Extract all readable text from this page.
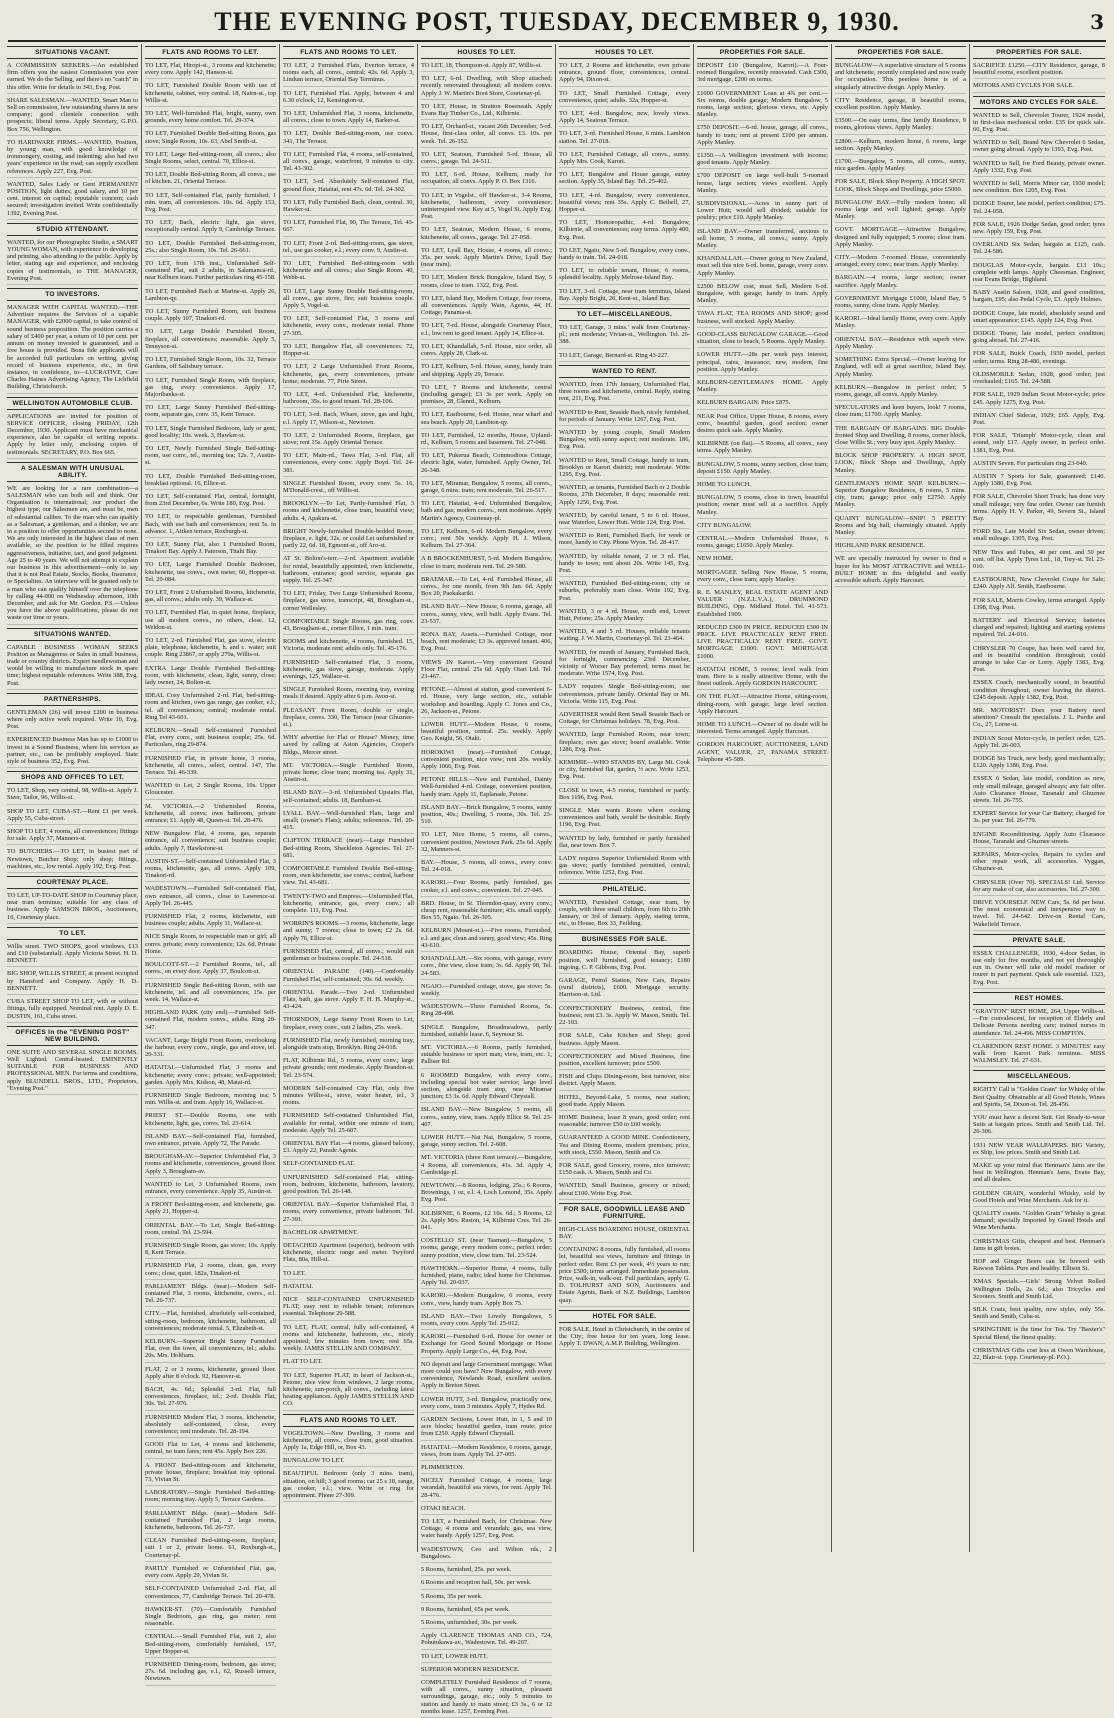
THE EVENING POST, TUESDAY, DECEMBER 9, 1930.	3
SITUATIONS VACANT.

A COMMISSION SEEKERS.—An established firm offers you the easiest Commission you ever earned. We do the Selling, and there's no "catch" in this offer. Write for details to 343, Evg. Post.

SHARE SALESMAN.—WANTED, Smart Man to Sell on commission, few outstanding shares in new company; good clientele connection with prospects; liberal terms. Apply Secretary, G.P.O. Box 756, Wellington.

TO HARDWARE FIRMS.—WANTED, Position, by young man, with good knowledge of ironmongery, costing, and indenting; also had two years' experience on the road; can supply excellent references. Apply 227, Evg. Post.

WANTED, Sales Lady or Gent PERMANENT POSITION, light duties; good salary, and 10 per cent. interest on capital; reputable concern; cash secured; investigation invited. Write confidentially 1392, Evening Post.

STUDIO ATTENDANT.

WANTED, for our Photographic Studio, a SMART YOUNG WOMAN, with experience in developing and printing, also attending to the public. Apply by letter, stating age and experience, and enclosing copies of testimonials, to THE MANAGER, Evening Post.

TO INVESTORS.

MANAGER WITH CAPITAL WANTED.—THE Advertiser requires the Services of a capable MANAGER, with £2000 capital, to take control of sound business proposition. The position carries a salary of £400 per year, a return of 10 per cent. per annum on money invested is guaranteed, and a free house is provided. Bona fide applicants will be accorded full particulars on writing, giving record of business experience, etc., in first instance, in confidence, to—LUCRATIVE, Care Charles Haines Advertising Agency, The Lichfield Building, Christchurch.

WELLINGTON AUTOMOBILE CLUB.

APPLICATIONS are invited for position of SERVICE OFFICER, closing FRIDAY, 12th December, 1930. Applicant must have mechanical experience, also be capable of writing reports. Apply by letter only, enclosing copies of testimonials. SECRETARY, P.O. Box 665.

A SALESMAN WITH UNUSUAL ABILITY.

WE are looking for a rare combination—a SALESMAN who can both sell and think. Our Organisation is international; our product the highest type; our Salesmen are, and must be, men of substantial calibre. To the man who can qualify as a Salesman, a gentleman, and a thinker, we are in a position to offer opportunities second to none. We are only interested in the highest class of men available, so the position to be filled requires aggressiveness, initiative, tact, and good judgment. Age 25 to 40 years. We will not attempt to explain our business in this advertisement—only to say that it is not Real Estate, Stocks, Books, Insurance, or Specialties. An interview will be granted only to a man who can qualify himself over the telephone by calling 44-000 on Wednesday afternoon, 10th December, and ask for Mr. Gordon. P.S.—Unless you have the above qualifications, please do not waste our time or yours.

SITUATIONS WANTED.

CAPABLE BUSINESS WOMAN SEEKS Position as Manageress or Sales in small business, trade or country districts. Expert needlewoman and would be willing to manufacture stock in spare time; highest reputable references. Write 388, Evg. Post.

PARTNERSHIPS.

GENTLEMAN (26) will invest £200 in business where only active work required. Write 10, Evg. Post.

EXPERIENCED Business Man has up to £1000 to invest in a Sound Business, where his services as partner, etc., can be profitably employed. State style of business 352, Evg. Post.

SHOPS AND OFFICES TO LET.

TO LET, Shop, very central, 98, Willis-st. Apply J. Steer, Tailor, 96, Willis-st.

SHOP TO LET, CUBA-ST.—Rent £1 per week. Apply 55, Cuba-street.

SHOP TO LET, 4 rooms, all conveniences; fittings for sale. Apply 37, Manners-st.

TO BUTCHERS.—TO LET, in busiest part of Newtown, Butcher Shop; only shop; fittings, machines, etc., low rental. Apply 192, Evg. Post.

COURTENAY PLACE.

TO LET, UP-TO-DATE SHOP in Courtenay place, near tram terminus; suitable for any class of business. Apply SAMSON BROS., Auctioneers, 10, Courtenay place.

TO LET.

Willis street. TWO SHOPS, good windows, £13 and £10 (substantial). Apply Victoria Street. H. D. BENNETT.

BIG SHOP, WILLIS STREET, at present occupied by Hansford and Company. Apply H. D. BENNETT.

CUBA STREET SHOP TO LET, with or without fittings, fully equipped. Nominal rent. Apply D. E. DUSTIN, 161, Cuba street.

OFFICES In the "EVENING POST" NEW BUILDING.

ONE SUITE AND SEVERAL SINGLE ROOMS. Well Lighted. Central-heated. EMINENTLY SUITABLE FOR BUSINESS AND PROFESSIONAL MEN. For terms and conditions, apply BLUNDELL BROS., LTD., Proprietors, "Evening Post."

FLATS AND ROOMS TO LET.

TO LET, Flat, Hiropi-st., 3 rooms and kitchenette; every conv. Apply 142, Hanson-st.

TO LET, Furnished Double Room with use of kitchenette, cabinet, very central. 18, Nairn-st., top Willis-st.

TO LET, Well-furnished Flat, bright, sunny, own grounds, every home comfort. Tel. 29-374.

TO LET, Furnished Double Bed-sitting Room, gas stove; Single Room, 10s. 63, Abel Smith-st.

TO LET, Large Bed-sitting-room, all convs.; also Single Rooms, select, central. 70, Ellice-st.

TO LET, Double Bed-sitting Room, all convs.; use of kitchen. 21, Oriental Terrace.

TO LET, Self-contained Flat, partly furnished, 1 min. tram, all conveniences. 10s. 6d. Apply 153, Evg. Post.

TO LET, Bach, electric light, gas stove, exceptionally central. Apply 9, Cambridge Terrace.

TO LET, Double Furnished Bed-sitting-room, 25s.; also Single Room, 10s. Tel. 26-661.

TO LET, from 17th inst., Unfurnished Self-contained Flat, suit 2 adults, in Salamanca-rd., near Kelburn tram. Further particulars ring 45-158.

TO LET, Furnished Bach at Marine-st. Apply 26, Lambton-qy.

TO LET, Sunny Furnished Room, suit business couple. Apply 107, Tinakori-rd.

TO LET, Large Double Furnished Room, fireplace, all conveniences; reasonable. Apply 5, Tennyson-st.

TO LET, Furnished Single Room, 10s. 32, Terrace Gardens, off Salisbury terrace.

TO LET, Furnished Single Room, with fireplace, gas ring, every convenience. Apply 17, Majoribanks-st.

TO LET, Large Sunny Furnished Bed-sitting-room, separate gas, conv. 35, Kent Terrace.

TO LET, Single Furnished Bedroom, lady or gent, good locality; 10s. week. 3, Hawker-st.

TO LET, Newly Furnished Single Bed-sitting-room, use conv., tel., morning tea; 12s. 7, Austin-st.

TO LET, Double Furnished Bed-sitting-room, breakfast optional. 16, Ellice-st.

TO LET, Self-contained Flat, central, fortnight, from 23rd December, 6s. Write 180, Evg. Post.

TO LET, to respectable gentleman, Furnished Bach, with use bath and conveniences; rent 5s. in advance. 1, Aitken terrace, Roxburgh-st.

TO LET, Sunny Flat, also 1 Furnished Room, Tinakori Bay. Apply J. Paterson, Titahi Bay.

TO LET, Large Furnished Double Bedroom, kitchenette, use convs., own meter, 60, Hopper-st. Tel. 20-084.

TO LET, Front 2 Unfurnished Rooms, kitchenette, gas, all convs.; adults only. 39, Wallace-st.

TO LET, Furnished Flat, in quiet home, fireplace, use all modern convs., no others, close. 12, Weldon-st.

TO LET, 2-rd. Furnished Flat, gas stove, electric plate, telephone, kitchenette, h. and c. water; suit couple. Ring 23867, or apply 279a, Willis-st.

EXTRA Large Double Furnished Bed-sitting-room, with kitchenette, clean, light, sunny, close; lady owner, 24, Bolton-st.

IDEAL Cosy Unfurnished 2-rd. Flat, bed-sitting-room and kitchen, own gas range, gas cooker, e.l., tel. all conveniences; central; moderate rental. Ring Tel 43-601.

KELBURN.—Small Self-contained Furnished Flat, every conv., suit business couple; 25s. 6d. Particulars, ring 29-874.

FURNISHED Flat, in private home, 3 rooms, kitchenette, all convs., select, central. 147, The Terrace. Tel. 46-339.

WANTED to Let, 2 Single Rooms, 10s. Upper Gloucester.

M. VICTORIA.—2 Unfurnished Rooms, kitchenette, all convs; own bathroom, private entrance; £1. Apply 48, Queen-st. Tel. 28-476.

NEW Bungalow Flat, 4 rooms, gas, separate entrance, all convenience; suit business couple; adults. Apply 7, Hawkstone-st.

AUSTIN-ST.—Self-contained Unfurnished Flat, 3 rooms, kitchenette, gas, all convs. Apply 109, Tinakori-rd.

WADESTOWN.—Furnished Self-contained Flat, own entrance, all convs., close to Lawrence-st. Apply Tel. 26-445.

FURNISHED Flat, 2 rooms, kitchenette, suit business couple; adults. Apply 11, Wallace-st.

NICE Single Room, to respectable man or girl; all convs. private; every convenience; 12s. 6d. Private Home.

BOULCOTT-ST.—2 Furnished Rooms, tel., all convs., on every door. Apply 37, Boulcott-st.

FURNISHED Single Bed-sitting Room, with use kitchenette, tel. and all conveniences; 15s. per week. 14, Wallace-st.

HIGHLAND PARK (city end).—Furnished Self-contained Flat, modern convs., adults. Ring 20-347.

VACANT, Large Bright Front Room, overlooking the harbour, every conv., single, gas and stove, tel. 20-331.

HATAITAI.—Unfurnished Flat, 3 rooms and kitchenette; every conv.; private; well-appointed; garden. Apply Mrs. Kidson, 48, Matai-rd.

FURNISHED Single Bedroom, morning tea; 5 min. Willis-st. and tram. Apply 16, Wallace-st.

PRIEST ST.—Double Rooms, one with kitchenette, light, gas, convs. Tel. 23-614.

ISLAND BAY.—Self-contained Flat, furnished, own entrance, private. Apply 72, The Parade.

BROUGHAM-AV.—Superior Unfurnished Flat, 3 rooms and kitchenette, conveniences, ground floor. Apply 3, Brougham-av.

WANTED to Let, 3 Unfurnished Rooms, own entrance, every convenience. Apply 35, Austin-st.

A FRONT Bed-sitting-room, and kitchenette, gas. Apply 21, Hopper-st.

ORIENTAL BAY.—To Let, Single Bed-sitting-room, central. Tel. 23-594.

FURNISHED Single Room, gas stove; 10s. Apply 8, Kent Terrace.

FURNISHED Flat, 2 rooms, clean, gas, every conv.; close, quiet. 182a, Tinakori-rd.

PARLIAMENT Bldgs. (near).—Modern Self-contained Flat, 3 rooms, kitchenette, convs., e.l. Tel. 26-737.

CITY.—Flat, furnished, absolutely self-contained, sitting-room, bedroom, kitchenette, bathroom, all conveniences; moderate rental. 5, Elizabeth-st.

KELBURN.—Superior Bright Sunny Furnished Flat, over the town, all conveniences, tel.; adults. 20s. Mrs. Holtham.

FLAT, 2 or 3 rooms, kitchenette, ground floor. Apply after 8 o'clock. 92, Hanover-st.

BACH, 4s. 6d.; Splendid 3-rd. Flat, full conveniences, fireplace, tel.; 2-rd. Double Flat, 30s. Tel. 27-976.

FURNISHED Modern Flat, 3 rooms, kitchenette, absolutely self-contained, close, every convenience; rent moderate. Tel. 28-194.

GOOD Flat to Let, 4 rooms and kitchenette, central, no tram fares; rent 45s. Apply Box 226.

A FRONT Bed-sitting-room and kitchenette, private house, fireplace; breakfast tray optional. 73, Vivian St.

LABORATORY.—Single Furnished Bed-sitting-room; morning tray. Apply 5, Terrace Gardens.

PARLIAMENT Bldgs. (near).—Modern Self-contained Furnished Flat, 2 large rooms, kitchenette, bathroom. Tel. 26-737.

CLEAN Furnished Bed-sitting-room, fireplace, suit 1 or 2, private home. 61, Roxburgh-st., Courtenay-pl.

PARTLY Furnished or Unfurnished Flat, gas, every conv. Apply 29, Vivian St.

SELF-CONTAINED Unfurnished 2-rd. Flat, all conveniences, 77, Cambridge Terrace. Tel. 20-478.

HAWKER-ST. (70).—Comfortably Furnished Single Bedroom, gas ring, gas meter; rent reasonable.

CENTRAL.—Small Furnished Flat, suit 2, also Bed-sitting-room, comfortably furnished, 157, Upper Hopper-st.

FURNISHED Dining-room, bedroom, gas stove; 27s. 6d. including gas, e.l., 62, Russell terrace, Newtown.

FLATS AND ROOMS TO LET.

TO LET, 2 Furnished Flats, Everton terrace, 4 rooms each, all convs., central; 42s. 6d. Apply 3, Lindum terrace, Oriental Bay Terminus.

TO LET, Furnished Flat. Apply, between 4 and 6.30 o'clock, 12, Kensington-st.

TO LET, Unfurnished Flat, 3 rooms, kitchenette, all convs.; close to town. Apply 14, Barker-st.

TO LET, Double Bed-sitting-room, use convs. 341, The Terrace.

TO LET, Furnished Flat, 4 rooms, self-contained, all convs., garage, waterfront, 9 minutes to city. Tel. 43-302.

TO LET, 3-rd. Absolutely Self-contained Flat, ground floor, Hataitai, rent 47s. 6d. Tel. 24-302.

TO LET, Fully Furnished Bach, clean, central. 30, Hawker-st.

TO LET, Furnished Flat, 90, The Terrace, Tel. 43-667.

TO LET, Front 2-rd. Bed-sitting-room, gas stove, tel., use gas cooker, e.l.; every conv. 9, Austin-st.

TO LET, Furnished Bed-sitting-room with kitchenette and all convs.; also Single Room. 40, Webb-st.

TO LET, Large Sunny Double Bed-sitting-room, all convs., gas stove, fire; suit business couple. Apply 5, Vogel-st.

TO LET, Self-contained Flat, 3 rooms and kitchenette, every conv., moderate rental. Phone 27-305.

TO LET, Bungalow Flat, all conveniences. 72, Hopper-st.

TO LET, 2 Large Unfurnished Front Rooms, kitchenette, gas, every conveniences, private home; moderate. 77, Pirie Street.

TO LET, 4-rd. Unfurnished Flat, kitchenette, bathroom, 35s. to good tenant. Tel. 28-106.

TO LET, 3-rd. Bach, Whare, stove, gas and light, e.l. Apply 17, Wilson-st., Newtown.

TO LET, 2 Unfurnished Rooms, fireplace, gas stove; rent 15s. Apply Oriental Terrace.

TO LET, Main-rd., Tawa Flat, 3-rd. Flat, all conveniences, every conv. Apply Boyd. Tel. 24-381.

SINGLE Furnished Room, every conv. 5s. 16, M'Donald-crest., off Willis-st.

BROOKLYN.—To Let, Partly-furnished Flat, 3 rooms and kitchenette, close tram, beautiful view; adults. 4, Apakura-st.

BRIGHT Newly-furnished Double-bedded Room, fireplace, e. light, 32s. or could Let unfurnished or partly 22, 6d. 18, Egmont-st., off Aro-st.

AT St. Bolton's-terr.—2-rd. Apartment available for rental, beautifully appointed, own kitchenette, bathroom, entrance; good service, separate gas supply. Tel. 25-347.

TO LET, Friday, Two Large Unfurnished Rooms, fireplace, gas stove, transcript, 48, Brougham-st., corner Wellesley.

COMFORTABLE Single Rooms, gas ring, conv. 43, Brougham-st., corner Ellice, 1 min. tram.

ROOMS and kitchenette, 4 rooms, furnished. 15, Victoria, moderate rent; adults only. Tel. 45-176.

FURNISHED Self-contained Flat, 3 rooms, kitchenette, gas stove, garage, moderate. Apply evenings, 125, Wallace-st.

SINGLE Furnished Room, morning tray, evening meals if desired. Apply after 6 p.m. Avon-st.

PLEASANT Front Room, double or single, fireplace, convs. 330, The Terrace (near Ghuznee-st.).

WHY advertise for Flat or House? Money, time saved by calling at Aston Agencies, Cooper's Bldgs., Mercer street.

MT. VICTORIA.—Single Furnished Room, private home; close tram; morning tea. Apply 31, Austin-st.

ISLAND BAY.—3-rd. Unfurnished Upstairs Flat, self-contained; adults. 18, Barnham-st.

LYALL BAY.—Well-furnished Flats, large and small; (owner's Flats); adults; references. Tel. 20-415.

CLIFTON TERRACE (near).—Large Furnished Bed-sitting Room, Shackleton Agencies. Tel. 27-681.

COMFORTABLE Furnished Double Bed-sitting-room, own kitchenette, use convs.; central, harbour view. Tel. 43-681.

TWENTY-TWO and Empress.—Unfurnished Flat, kitchenette, entrance, gas, every conv.; all complete. 111, Evg. Post.

WORRIN'S ROOMS.—3 rooms, kitchenette, large and sunny; 7 rooms; close to town; £2 2s. 6d. Apply 76, Ellice-st.

FURNISHED Flat, central, all convs.; would suit gentleman or business couple. Tel. 24-518.

ORIENTAL PARADE (140).—Comfortably Furnished Flat, self-contained; 30s. 6d. weekly.

ORIENTAL Parade.—Two 2-rd. Unfurnished Flats, bath, gas stove. Apply F. H. H. Murphy-st., 43-424.

THORNDON, Large Sunny Front Room to Let, fireplace, every conv., suit 2 ladies, 25s. week.

FURNISHED Flat, newly furnished, morning tray, alongside tram stop, Brooklyn. Ring 24-018.

FLAT, Kilbirnie Rd., 5 rooms, every conv.; large private grounds; rent moderate. Apply Brandon-st. Tel. 23-574.

MODERN Self-contained City Flat, only five minutes Willis-st., stove, water heater, tel., 3 rooms.

FURNISHED Self-contained Unfurnished Flat, available for rental, within one minute of tram; moderate. Apply Tel. 25-607.

ORIENTAL BAY Flat.—4 rooms, glassed balcony, £3. Apply 22, Parade Agents.

SELF-CONTAINED FLAT.

UNFURNISHED Self-contained Flat, sitting-room, bedroom, kitchenette, bathroom, lavatory, good position. Tel. 26-148.

ORIENTAL BAY.—Superior Unfurnished Flat, 3 rooms, every convenience, private bathroom. Tel. 27-391.

BACHELOR APARTMENT.

DETACHED Apartment (superior), bedroom with kitchenette, electric range and meter. Twyford Flats, 80a, Hill-st.

TO LET.

HATAITAI.

NICE SELF-CONTAINED UNFURNISHED FLAT; easy rent to reliable tenant; references essential. Telephone 29-588.

TO LET, FLAT, central, fully self-contained, 4 rooms and kitchenette, bathroom, etc., nicely appointed; few minutes from town; rent 65s. weekly. JAMES STELLIN AND COMPANY.

FLAT TO LET.

TO LET, Superior FLAT, in heart of Jackson-st., Petone; nice view from windows, 2 large rooms, kitchenette, sun-porch, all convs., including latest heating appliances. Apply JAMES STELLIN AND CO.

FLATS AND ROOMS TO LET.

VOGELTOWN.—New Dwelling, 3 rooms and kitchenette, all convs., close tram, good situation. Apply 1a, Edge Hill, or, Box 43.

BUNGALOW TO LET.

BEAUTIFUL Bedroom (only 3 mins. tram), situation, on hill; 3 good rooms; car 25 s 18, range, gas cooker, e.l.; view. Write or ring for appointment. Phone 27-309.

HOUSES TO LET.

TO LET, 18, Thompson-st. Apply 87, Willis-st.

TO LET, 6-rd. Dwelling, with Shop attached; recently renovated throughout; all modern convs. Apply J. W. Martin's Boot Store, Courtenay-pl.

TO LET, House, in Stratton Roseneath. Apply Evans Bay Timber Co., Ltd., Kilbirnie.

TO LET, Orchard-st., vacant 26th December, 5-rd. House, first-class order, all convs. £3. 10s. per week. Tel. 26-352.

TO LET, Seatoun, Furnished 5-rd. House, all convs.; garage. Tel. 24-511.

TO LET, 6-rd. House, Kelburn, ready for occupation; all convs. Apply P. O. Box 1316.

TO LET, in Vogelst., off Hawker-st., 3-4 Rooms, kitchenette, bathroom, every convenience; uninterrupted view. Key at 5, Vogel St. Apply Evg. Post.

TO LET, Seatoun, Modern House, 6 rooms, kitchenette, all convs., garage. Tel. 27-058.

TO LET, Lyall Bay, House, 4 rooms, all convs.; 35s. per week. Apply Martin's Drive, Lyall Bay (near tram).

TO LET, Modern Brick Bungalow, Island Bay, 5 rooms, close to tram. 1322, Evg. Post.

TO LET, Island Bay, Modern Cottage, four rooms, all conveniences. Apply Wain, Agents, 44, H. Cottage, Panama-st.

TO LET, 7-rd. House, alongside Courtenay Place, e.l., low rent to good tenant. Apply 14, Ellice-st.

TO LET, Khandallah, 5-rd. House, nice order, all convs. Apply 28, Clark-st.

TO LET, Kelburn, 5-rd. House, sunny, handy tram and shipping. Apply 29, Terrace.

TO LET, 7 Rooms and kitchenette, central (including garage); £3 3s per week. Apply on premises, 28, Glenrd., Kelburn.

TO LET, Eastbourne, 6-rd. House, near wharf and sea beach. Apply 20, Lambton-qy.

TO LET, Furnished, 12 months, House, Upland-rd., Kelburn, 5 rooms and basement. Tel. 27-048.

TO LET, Pukerua Beach, Commodious Cottage, electric light, water, furnished. Apply Owner, Tel. 26-348.

TO LET, Miramar, Bungalow, 5 rooms, all convs., garage, 6 mins. tram; rent moderate. Tel. 26-517.

TO LET, Hataitai, 4-rd. Unfurnished Bungalow, bath and gas; modern convs., rent moderate. Apply Martin's Agency, Courtenay-pl.

TO LET, Kelburn, 6-rd. Modern Bungalow, every conv.; rent 50s weekly. Apply H. J. Wilson, Kelburn. Tel. 27-364.

A B BROCKENHURST, 5-rd. Modern Bungalow, close to tram; moderate rent. Tel. 29-580.

BRAEMAR.—To Let, 4-rd. Furnished House, all convs., for one month, from 9th Jan. 6d. Apply Box 20, Paekakariki.

ISLAND BAY.—New House, 6 rooms, garage, all convs., sunny, view, well built. Apply Evans. Tel. 23-537.

RONA BAY, Assets.—Furnished Cottage, near beach, rent moderate; £3 3s. approved tenant. 406, Evg. Post.

VIEWS IN Karori.—Very convenient Ground Floor Flat, central. 25s 6d. Apply Otari Ltd. Tel. 23-467.

PETONE.—Almost at station, good convenient 6-rd. House, very large section, etc., suitable workshop and boarding. Apply C. Jones and Co., 26, Jackson-st., Petone.

LOWER HUTT.—Modern House, 6 rooms, beautiful position, central. 25s. weekly. Apply Geo. Knight, 56, Otaki.

HOROKIWI (near).—Furnished Cottage, convenient position, nice view; rent 20s. weekly. Apply 1066, Evg. Post.

PETONE HILLS.—New and Furnished, Dainty Well-furnished 4-rd. Cottage, convenient position, handy tram. Apply 11, Esplanade, Petone.

ISLAND BAY.—Brick Bungalow, 5 rooms, sunny position, 40s.; Dwelling, 5 rooms, 30s. Tel. 23-510.

TO LET, Nice Home, 5 rooms, all convs., convenient position, Newtown Park. 25s 6d. Apply 32, Manners-st.

BAY.—House, 5 rooms, all convs., every conv. Tel. 24-018.

KARORI.—Four Rooms, partly furnished, gas cooker, e.l. and convs.; convenient. Tel. 27-045.

BRD. House, in St. Thorndon-quay, every conv.; cheap rent, reasonable furniture; 43s. small supply. Box 55, Ngaio. Tel. 26-305.

KELBURN (Mount-st.).—Five rooms, Furnished, e.l. and gas; clean and sunny, good view; 45s. Ring 43-610.

KHANDALLAH.—Six rooms, with garage, every conv., fine view, close tram; 3s. 6d. Apply 98, Tel. 24-583.

NGAIO.—Furnished cottage, stove, gas stove; 5s. weekly.

WADESTOWN.—Three Furnished Rooms, 5s. Ring 28-498.

SINGLE Bungalow, Broadmeadows, partly furnished, suitable lease. 6, Seymour St.

MT. VICTORIA.—6 Rooms, partly furnished, suitable business or sport man; view, tram, etc. 1, Palliser Rd.

6 ROOMED Bungalow, with every conv., including special hot water service; large level section, alongside tram stop, near Miramar junction; £3 3s. 6d. Apply Edward Chrystall.

ISLAND BAY.—New Bungalow, 5 rooms, all convs., sunny, view, tram. Apply Ellice St. Tel. 23-407.

LOWER HUTT.—Nai Nai, Bungalow, 5 rooms, garage, sunny section. Tel. 2-608.

MT. VICTORIA (three Kent terrace).—Bungalow, 4 Rooms, all conveniences, 41s. 3d. Apply 4, Cambridge-pl.

NEWTOWN.—8 Rooms, lodging, 25s.; 6 Rooms, Brownings, 1 oz, e.l. 4, Loch Lomond, 35s. Apply Evg. Post.

KILBIRNIE, 6 Rooms, £2 10s. 6d.; 5 Rooms, £2 2s. Apply Mrs. Ruston, 14, Kilbirnie Cres. Tel. 26-041.

COSTELLO ST. (near Tasman).—Bungalow, 5 rooms, garage, every modern conv.; perfect order; sunny position, view, close tram. Tel. 23-524.

HAWTHORN.—Superior Home, 4 rooms, fully furnished, piano, radio; ideal home for Christmas. Apply Tel. 20-037.

KARORI.—Modern Bungalow, 6 rooms, every conv., view, handy tram. Apply Box 75.

ISLAND BAY.—Two Lovely Bungalows, 5 rooms, every conv. Apply Tel. 25-012.

KARORI.—Furnished 6-rd. House for owner or Exchange for Good Sound Mortgage or House Property. Apply Large Co., 44, Evg. Post.

NO deposit and large Government mortgage. What more could you have? New Bungalow, with every convenience, Newlands Road, excellent section. Apply in Breton Street.

LOWER HUTT, 3-rd. Bungalow, practically new, every conv., tram 3 minutes. Apply 7, Hydes Rd.

GARDEN Sections, Lower Hutt, in 1, 5 and 10 acre blocks; beautiful garden, tram route; price from £250. Apply Edward Chrystall.

HATAITAI.—Modern Residence, 6 rooms, garage, views, from tram. Apply Tel. 27-005.

PLIMMERTON.

NICELY Furnished Cottage, 4 rooms, large verandah, beautiful sea views, for rent. Apply Tel. 28-476.

OTAKI BEACH.

TO LET, a Furnished Bach, for Christmas. New Cottage, 4 rooms and verandah; gas, sea view, water handy. Apply 1257, Evg. Post.

WADESTOWN, Ceo and Wilton rds., 2 Bungalows.

5 Rooms, furnished, 25s. per week.

6 Rooms and reception hall, 50s. per week.

5 Rooms, 35s per week.

9 Rooms, furnished, 65s per week.

5 Rooms, unfurnished, 30s. per week.

Apply CLARENCE THOMAS AND CO., 724, Pohutukawa-av., Wadestown. Tel. 49-207.

TO LET, LOWER HUTT.

SUPERIOR MODERN RESIDENCE.

COMPLETELY Furnished Residence of 7 rooms, with all convs., sunny situation, pleasant surroundings, garage, etc.; only 5 minutes to station and handy to main street; £3 3s., 6 or 12 months lease. 1257, Evening Post.

HOUSES TO LET.

TO LET, 2 Rooms and kitchenette, own private entrance, ground floor, conveniences, central. Apply 94, Dixon-st.

TO LET, Small Furnished Cottage, every convenience, quiet; adults. 32a, Hopper-st.

TO LET, 4-rd. Bungalow, new, lovely views. Apply 14, Seatoun Terrace.

TO LET, 3-rd. Furnished House, 6 mins. Lambton station. Tel. 27-018.

TO LET, Furnished Cottage, all convs., sunny. Apply Mrs. Cook, Karori.

TO LET, Bungalow and House garage, sunny section. Apply 35, Island Bay. Tel. 25-402.

TO LET, 4-rd. Bungalow, every convenience, beautiful views; rent 35s. Apply C. Bethell, 27, Hopper-st.

TO LET, Homoeopathic, 4-rd. Bungalow, Kilbirnie, all conveniences; easy terms. Apply 400, Evg. Post.

TO LET, Ngaio, New 5-rd. Bungalow, every conv., handy to train. Tel. 24-018.

TO LET, to reliable tenant, House, 6 rooms, splendid locality. Apply Melrose-Island Bay.

TO LET, 3-rd. Cottage, near tram terminus, Island Bay. Apply Bright, 20, Kent-st., Island Bay.

TO LET—MISCELLANEOUS.

TO LET, Garage, 3 mins.' walk from Courtenay-pl.; rent moderate; Vivian-st., Wellington. Tel. 26-388.

TO LET, Garage, Bernard-st. Ring 43-227.

WANTED TO RENT.

WANTED, from 17th January, Unfurnished Flat, three rooms and kitchenette, central. Reply, stating rent, 211, Evg. Post.

WANTED to Rent, Seaside Bach, nicely furnished, for periods of January. Write 1267, Evg. Post.

WANTED by young couple, Small Modern Bungalow, with sunny aspect; rent moderate. 186, Evg. Post.

WANTED to Rent, Small Cottage, handy to tram, Brooklyn or Karori district; rent moderate. Write 1295, Evg. Post.

WANTED, as tenants, Furnished Bach or 2 Double Rooms, 27th December, 8 days; reasonable rent. Apply 1256, Evg. Post.

WANTED, by careful tenant, 5 to 6 rd. House, near Waterloo, Lower Hutt. Write 124, Evg. Post.

WANTED to Rent, Furnished Bach, for week or more, handy to City. Phone Wyon. Tel. 28-417.

WANTED, by reliable tenant, 2 or 3 rd. Flat, handy to town; rent about 20s. Write 145, Evg. Post.

WANTED, Furnished Bed-sitting-room, city or suburbs, preferably tram close. Write 192, Evg. Post.

WANTED, 3 or 4 rd. House, south end, Lower Hutt, Petone; 25s. Apply Manley.

WANTED, 4 and 5 rd. Houses, reliable tenants waiting. J. W. Martin, Courtenay-pl. Tel. 23-464.

WANTED, for month of January, Furnished Bach, for fortnight, commencing 23rd December, vicinity of Worser Bay preferred; terms must be moderate. Write 1574, Evg. Post.

LADY requires Single Bed-sitting-room, use conveniences, private family. Oriental Bay or Mt. Victoria. Write 115, Evg. Post.

ADVERTISER would Rent Small Seaside Bach or Cottage, for Christmas holidays. 78, Evg. Post.

WANTED, large Furnished Room, near town; fireplace; own gas stove; board available. Write 1286, Evg. Post.

KEMIMIE—WHO STANDS BY, Large Mt. Cook or city, furnished flat, garden, ½ acre. Write 1253, Evg. Post.

CLOSE to town, 4-5 rooms, furnished or partly. Box 1196, Evg. Post.

SINGLE Man wants Room where cooking conveniences and bath, would be desirable. Reply 1196, Evg. Post.

WANTED by lady, furnished or partly furnished flat, near town. Box 7.

LADY requires Superior Unfurnished Room with gas stove; partly furnished permitted, central; reference. Write 1252, Evg. Post.

PHILATELIC.

WANTED, Furnished Cottage, near tram, by couple, with three small children, from 6th to 20th January, or 3rd of January. Apply, stating terms, etc., to House, Box 33, Feilding.

BUSINESSES FOR SALE.

BOARDING House, Oriental Bay, superb position, well furnished, good tenancy; £180 ingoing. C. P. Gibbons, Evg. Post.

GARAGE, Petrol Station, New Cars, Repairs (rural districts), £600. Mortgage security. Harrison-st. Ltd.

CONFECTIONERY Business, central, fine business; rent £3. 3s. Apply W. Mason, Smith. Tel. 22-103.

FOR SALE, Cake Kitchen and Shop; good business. Apply Mason.

CONFECTIONERY and Mixed Business, fine position, excellent turnover; price £500.

FISH and Chips Dining-room, best turnover, nice district. Apply Mason.

HOTEL, Beyond-Lake, 5 rooms, near station; good trade. Apply Mason.

HOME Business, lease 8 years, good order; rent reasonable; turnover £50 to £60 weekly.

GUARANTEED A GOOD MINE. Confectionery, Tea and Dining Rooms, modern premises; price, with stock, £550. Mason, Smith and Co.

FOR SALE, good Grocery, rooms, nice turnover; £150 cash. A. Mason, Smith and Co.

WANTED, Small Business, grocery or mixed; about £100. Write Evg. Post.

FOR SALE, GOODWILL LEASE AND FURNITURE.

HIGH-CLASS BOARDING HOUSE, ORIENTAL BAY.

CONTAINING 8 rooms, fully furnished, all rooms let, beautiful sea views, furniture and fittings in perfect order. Rent £3 per week, 4½ years to run; price £500; terms arranged. Immediate possession. Price, walk-in, walk-out. Full particulars, apply G. D. TOLHURST AND SON, Auctioneers and Estate Agents, Bank of N.Z. Buildings, Lambton quay.

HOTEL FOR SALE.

FOR SALE, Hotel in Christchurch, in the centre of the City; free house for ten years, long lease. Apply T. DWAN, A.M.P. Building, Wellington.

PROPERTIES FOR SALE.

DEPOSIT £10 (Bungalow, Karori).—A Four-roomed Bungalow, recently renovated. Cash £300, 3rd mortgage, £200 on terms.

£1000 GOVERNMENT Loan at 4¾ per cent.—Six rooms, double garage; Modern Bungalow, 5 rooms, large section; glorious views, etc. Apply Manley.

£750 DEPOSIT.—6-rd. house, garage, all convs., handy to tram; rent at present £100 per annum. Apply Manley.

£1350.—A Wellington investment with income; good tenants. Apply Manley.

£700 DEPOSIT on large well-built 5-roomed house, large section; views excellent. Apply Manley.

SUBDIVISIONAL.—Acres in sunny part of Lower Hutt; would sell divided; suitable for poultry; price £10. Apply Manley.

ISLAND BAY.—Owner transferred, anxious to sell home; 5 rooms, all convs.; sunny. Apply Manley.

KHANDALLAH.—Owner going to New Zealand, must sell this nice 6-rd. home, garage, every conv. Apply Manley.

£2500 BELOW cost, must Sell, Modern 6-rd. Bungalow, with garage; handy to tram. Apply Manley.

TAWA FLAT, TEA ROOMS AND SHOP; good business, well stocked. Apply Manley.

GOOD-CLASS BUNGALOW GARAGE.—Good situation, close to beach, 5 Rooms. Apply Manley.

LOWER HUTT.—28s per week pays interest, principal, rates, insurance; new, modern, fine position. Apply Manley.

KELBURN-GENTLEMAN'S HOME. Apply Manley.

KELBURN BARGAIN. Price £875.

NEAR Post Office, Upper House, 8 rooms, every conv., beautiful garden, good section; owner desires quick sale. Apply Manley.

KILBIRNIE (on flat).—5 Rooms, all convs., easy terms. Apply Manley.

BUNGALOW, 5 rooms, sunny section, close tram; deposit £150. Apply Manley.

HOME TO LUNCH.

BUNGALOW, 5 rooms, close to town, beautiful position; owner must sell at a sacrifice. Apply Manley.

CITY BUNGALOW.

CENTRAL.—Modern Unfurnished House, 6 rooms, garage; £1650. Apply Manley.

NEW HOME.

MORTGAGEE Selling New House, 5 rooms, every conv., close tram; apply Manley.

R. E. MANLEY, REAL ESTATE AGENT AND VALUER (N.Z.L.V.A.), DRUMMOND BUILDING, Opp. Midland Hotel. Tel. 41-573. Established 1909.

REDUCED £300 IN PRICE. REDUCED £300 IN PRICE. LIVE PRACTICALLY RENT FREE. LIVE PRACTICALLY RENT FREE. GOVT. MORTGAGE £1000. GOVT. MORTGAGE £1000.

HATAITAI HOME, 5 rooms; level walk from tram. Here is a really attractive Home, with the finest outlook. Apply GORDON HARCOURT.

ON THE FLAT.—Attractive Home, sitting-room, dining-room, with garage; large level section. Apply Harcourt.

HOME TO LUNCH.—Owner of no doubt will be interested. Terms arranged. Apply Harcourt.

GORDON HARCOURT, AUCTIONEER, LAND AGENT, VALUER, 27, PANAMA STREET. Telephone 45-589.

PROPERTIES FOR SALE.

BUNGALOW—A superlative structure of 5 rooms and kitchenette, recently completed and now ready for occupation. This peerless home is of a singularly attractive design. Apply Manley.

CITY Residence, garage, 8 beautiful rooms, excellent position. Apply Manley.

£3500.—On easy terms, fine family Residence, 9 rooms, glorious views. Apply Manley.

£2800.—Kelburn, modern home, 6 rooms, large section. Apply Manley.

£1700.—Bungalow, 5 rooms, all convs., sunny, nice garden. Apply Manley.

FOR SALE, Block Shop Property. A HIGH SPOT. LOOK, Block Shops and Dwellings, price £5000.

BUNGALOW BAY.—Fully modern home; all rooms large and well lighted; garage. Apply Manley.

GOVT. MORTGAGE.—Attractive Bungalow, designed and fully equipped; 5 rooms; close tram. Apply Manley.

CITY.—Modern 7-roomed House, conveniently arranged; every conv.; near tram. Apply Manley.

BARGAIN.—4 rooms, large section; owner sacrifice. Apply Manley.

GOVERNMENT Mortgage £1000, Island Bay, 5 rooms, sunny, close tram. Apply Manley.

KARORI.—Ideal family Home, every conv. Apply Manley.

ORIENTAL BAY.—Residence with superb view. Apply Manley.

SOMETHING Extra Special.—Owner leaving for England, will sell at great sacrifice; Island Bay. Apply Manley.

KELBURN.—Bungalow in perfect order; 5 rooms, garage, all convs. Apply Manley.

SPECULATORS and keen buyers, look! 7 rooms, close tram; £1700. Apply Manley.

THE BARGAIN OF BARGAINS. BIG Double-fronted Shop and Dwelling, 8 rooms, corner block, close Willis St.; very busy spot. Apply Manley.

BLOCK SHOP PROPERTY. A HIGH SPOT. LOOK, Block Shops and Dwellings, Apply Manley.

GENTLEMAN'S HOME SNIP. KELBURN.—Superior Bungalow Residence, 8 rooms, 5 mins. city, tram; garage; price only £2750. Apply Manley.

QUAINT BUNGALOW—SNIP! 5 PRETTY Rooms and big hall, charmingly situated. Apply Manley.

HIGHLAND PARK RESIDENCE.

WE are specially instructed by owner to find a buyer for his MOST ATTRACTIVE and WELL-BUILT HOME in this delightful and easily accessible suburb. Apply Harcourt.

PROPERTIES FOR SALE.

SACRIFICE £1250.—CITY Residence, garage, 8 beautiful rooms, excellent position.

MOTORS AND CYCLES FOR SALE.

MOTORS AND CYCLES FOR SALE.

WANTED to Sell, Chevrolet Tourer, 1924 model, in first-class mechanical order. £35 for quick sale. 60, Evg. Post.

WANTED to Sell, Brand New Chevrolet 6 Sedan, owner going abroad. Apply to 1393, Evg. Post.

WANTED to Sell, for Ford Beauty, private owner. Apply 1332, Evg. Post.

WANTED to Sell, Morris Minor car, 1930 model; new condition. Box 1205, Evg. Post.

DODGE Tourer, late model, perfect condition; £75. Tel. 24-058.

FOR SALE, 1926 Dodge Sedan, good order; tyres new. Apply 159, Evg. Post.

OVERLAND Six Sedan, bargain at £125, cash. Tel. 24-586.

DOUGLAS Motor-cycle, bargain. £13 10s.; complete with lamps. Apply Cheesman. Engineer, rear Evans Bridge, Highland.

BABY Austin Saloon, 1928, and good condition, bargain, £95; also Pedal Cycle, £3. Apply Holmes.

DODGE Coupe, late model, absolutely sound and smart appearance; £145. Apply 124, Evg. Post.

DODGE Tourer, late model, perfect condition; going abroad. Tel. 27-416.

FOR SALE, Buick Coach, 1930 model, perfect order; terms. Ring 28-486, evenings.

OLDSMOBILE Sedan, 1928, good order; just overhauled; £165. Tel. 24-588.

FOR SALE, 1929 Indian Scout Motor-cycle; price £45. Apply 1275, Evg. Post.

INDIAN Chief Sidecar, 1929; £65. Apply, Evg. Post.

FOR SALE, 'Triumph' Motor-cycle, clean and sound, only £17. Apply owner, in perfect order. 1381, Evg. Post.

AUSTIN Seven. For particulars ring 23-040.

AUSTIN 7 Sports for Sale, guaranteed; £140. Apply 1380, Evg. Post.

FOR SALE, Chevrolet Short Truck; has done very small mileage; very fine order. Owner can furnish terms. Apply H. V. Parker, 49, Severn St., Island Bay.

FORD Six, Late Model Six Sedan, owner driven; small mileage. 1305, Evg. Post.

NEW Tires and Tubes, 40 per cent. and 50 per cent. off list. Apply Tyres Ltd., 18, Tory-st. Tel. 23-010.

EASTBOURNE, New Chevrolet Coupe for Sale; £240. Apply Alf. Smith, Eastbourne.

FOR SALE, Morris Cowley, terms arranged. Apply 1398, Evg. Post.

BATTERY and Electrical Service; batteries charged and repaired; lighting and starting systems repaired. Tel. 24-016.

CHRYSLER 70 Coupe, has been well cared for, and in beautiful condition throughout; could arrange to take Car or Lorry. Apply 1383, Evg. Post.

ESSEX Coach, mechanically sound, in beautiful condition throughout; owner leaving the district. £245 deposit. Apply 1382, Evg. Post.

MR. MOTORIST! Does your Battery need attention? Consult the specialists. J. L. Purdie and Co., 27, Lorne-st.

INDIAN Scout Motor-cycle, in perfect order, £25. Apply Tel. 26-003.

DODGE Six Truck, new body, good mechanically; £120. Apply 1386, Evg. Post.

ESSEX 6 Sedan, late model, condition as new, only small mileage, garaged always; any fair offer. Auto Clearance House, Taranaki and Ghuznee streets. Tel. 26-755.

EXPERT Service for your Car Battery; charged for 3s. per year. Tel. 26-779.

ENGINE Reconditioning. Apply Auto Clearance House, Taranaki and Ghuznee streets.

REPAIRS, Motor-cycles, Repairs to cycles and other repair work, all accessories. Vyggan, Ghuznee-st.

CHRYSLER (Over 70). SPECIALS! Ltd. Service for any make of car, also accessories. Tel. 27-300.

DRIVE YOURSELF. NEW Cars, 5s. 6d per hour. The most economical and inexpensive way to travel. Tel. 24-642. Drive-on Rental Cars, Wakefield Terrace.

PRIVATE SALE.

ESSEX CHALLENGER, 1930, 4-door Sedan, in use only for five months, and not yet thoroughly run in. Owner will take old model roadster or tourer in part payment. Quick sale essential. 1323, Evg. Post.

REST HOMES.

"GRAYTON" REST HOME, 264, Upper Willis-st.—For convalescent, for reception of Elderly and Delicate Persons needing care; trained nurses in attendance. Tel. 24-496. MISS COMPTON.

CLARENDON REST HOME. 3 MINUTES' easy walk from Karori Park terminus. MISS WALMSLEY. Tel. 27-631.

MISCELLANEOUS.

RIGHTY Call is "Golden Grain" for Whisky of the Best Quality. Obtainable at all Good Hotels, Wines and Spirits, 54, Dixon-st. Tel. 28-456.

YOU must have a decent Suit. Get Ready-to-wear Suits at bargain prices. Smith and Smith Ltd. Tel. 26-306.

1931 NEW YEAR WALLPAPERS. BIG Variety, ex Ship, low prices. Smith and Smith Ltd.

MAKE up your mind that Henman's Jams are the best in Wellington. Henman's Jams, Evans Bay, and all dealers.

GOLDEN GRAIN, wonderful Whisky, sold by Good Hotels and Wine Merchants. Ask for it.

QUALITY counts. "Golden Grain" Whisky is great demand; specially Imported by Grand Hotels and Wine Merchants.

CHRISTMAS Gifts, cheapest and best. Henman's Jams in gift boxes.

HOP and Ginger Beers can be brewed with Rawson Tablets. Pure and healthy. Ellison St.

XMAS Specials.—Girls' Strong Velvet Rolled Wellington Dolls, 2s. 6d.; also Tricycles and Scooters. Smith and Smith Ltd.

SILK Coats, best quality, new styles, only 55s. Smith and Smith, Cuba-st.

SPRINGTIME is the time for Tea. Try "Baxter's" Special Blend, the finest quality.

CHRISTMAS Gifts cost less at Owen Warehouse, 22, Blair-st. (opp. Courtenay-pl. P.O.).
